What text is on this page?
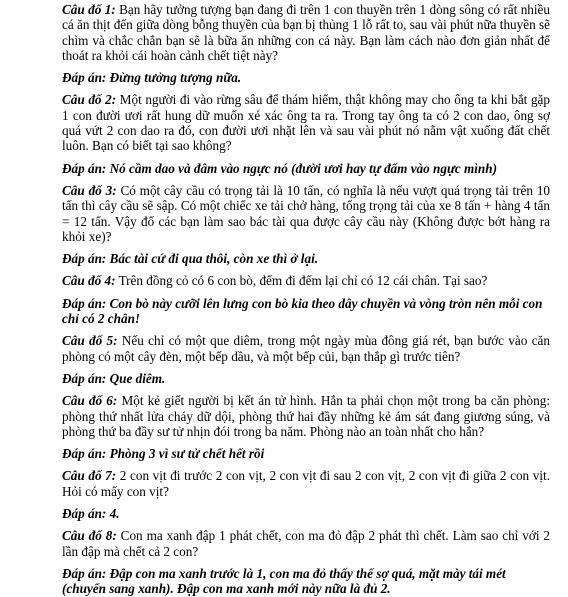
Câu đố 1: Bạn hãy tưởng tượng bạn đang đi trên 1 con thuyền trên 1 dòng sông có rất nhiều cá ăn thịt đến giữa dòng bỗng thuyền của bạn bị thủng 1 lỗ rất to, sau vài phút nữa thuyền sẽ chìm và chắc chắn bạn sẽ là bữa ăn những con cá này. Bạn làm cách nào đơn giản nhất để thoát ra khỏi cái hoàn cảnh chết tiệt này?

Đáp án: Đừng tưởng tượng nữa.

Câu đố 2: Một người đi vào rừng sâu để thám hiểm, thật không may cho ông ta khi bắt gặp 1 con đười ươi rất hung dữ muốn xé xác ông ta ra. Trong tay ông ta có 2 con dao, ông sợ quá vứt 2 con dao ra đó, con đười ươi nhặt lên và sau vài phút nó nằm vật xuống đất chết luôn. Bạn có biết tại sao không?

Đáp án: Nó cầm dao và đâm vào ngực nó (đười ươi hay tự đấm vào ngực mình)

Câu đố 3: Có một cây cầu có trọng tải là 10 tấn, có nghĩa là nếu vượt quá trọng tải trên 10 tấn thì cây cầu sẽ sập. Có một chiếc xe tải chở hàng, tổng trọng tải của xe 8 tấn + hàng 4 tấn = 12 tấn. Vậy đố các bạn làm sao bác tài qua được cây cầu này (Không được bớt hàng ra khỏi xe)?

Đáp án: Bác tài cứ đi qua thôi, còn xe thì ở lại.

Câu đố 4: Trên đồng cỏ có 6 con bò, đếm đi đếm lại chỉ có 12 cái chân. Tại sao?

Đáp án: Con bò này cưỡi lên lưng con bò kia theo dây chuyền và vòng tròn nên mỗi con chỉ có 2 chân!

Câu đố 5: Nếu chỉ có một que diêm, trong một ngày mùa đông giá rét, bạn bước vào căn phòng có một cây đèn, một bếp dầu, và một bếp củi, bạn thắp gì trước tiên?

Đáp án: Que diêm.

Câu đố 6: Một kẻ giết người bị kết án tử hình. Hắn ta phải chọn một trong ba căn phòng: phòng thứ nhất lửa cháy dữ dội, phòng thứ hai đầy những kẻ ám sát đang giương súng, và phòng thứ ba đầy sư tử nhịn đói trong ba năm. Phòng nào an toàn nhất cho hắn?

Đáp án: Phòng 3 vì sư tử chết hết rồi

Câu đố 7: 2 con vịt đi trước 2 con vịt, 2 con vịt đi sau 2 con vịt, 2 con vịt đi giữa 2 con vịt. Hỏi có mấy con vịt?

Đáp án: 4.

Câu đố 8: Con ma xanh đập 1 phát chết, con ma đỏ đập 2 phát thì chết. Làm sao chỉ với 2 lần đập mà chết cả 2 con?

Đáp án: Đập con ma xanh trước là 1, con ma đỏ thấy thế sợ quá, mặt mày tái mét (chuyển sang xanh). Đập con ma xanh mới này nữa là đủ 2.
